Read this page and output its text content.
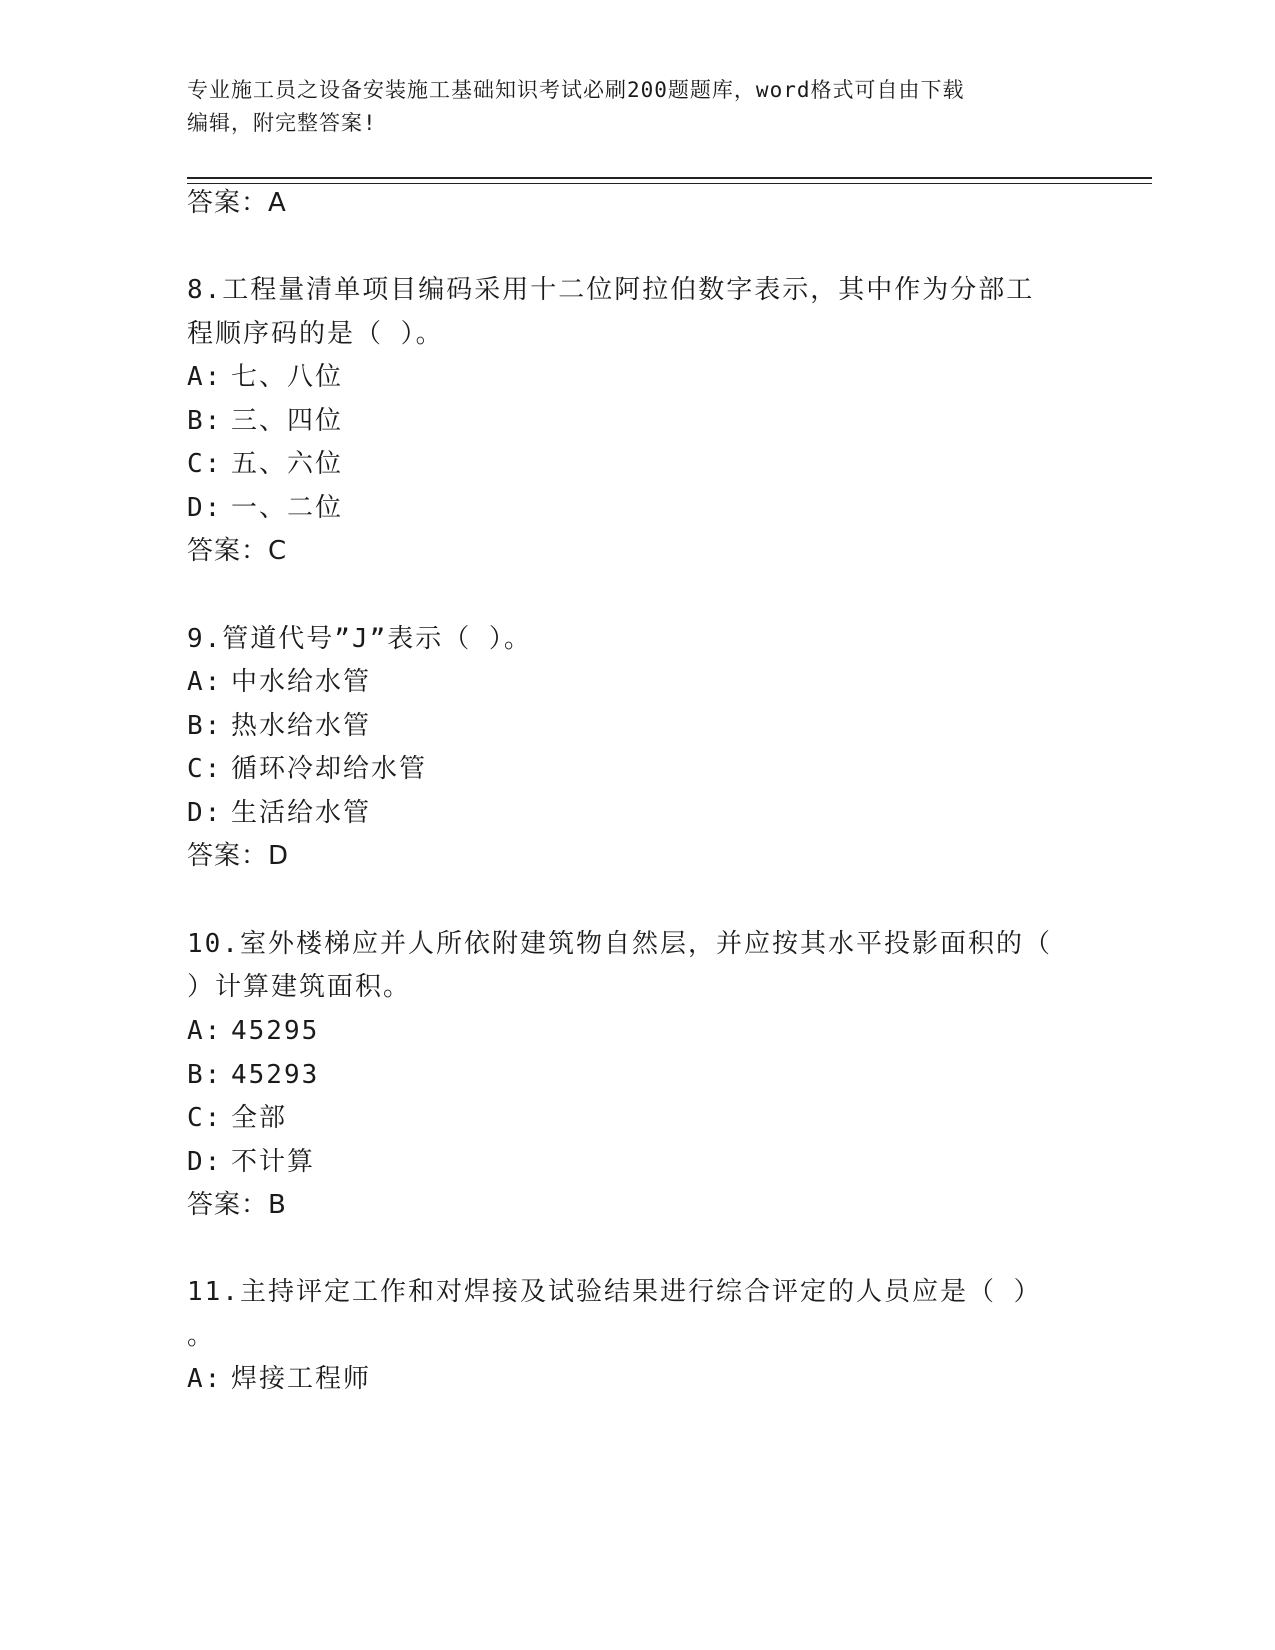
专业施工员之设备安装施工基础知识考试必刷200题题库，word格式可自由下载
编辑，附完整答案!
答案：A
8.工程量清单项目编码采用十二位阿拉伯数字表示，其中作为分部工
程顺序码的是（ ）。
A: 七、八位
B: 三、四位
C: 五、六位
D: 一、二位
答案：C
9.管道代号”J”表示（ ）。
A: 中水给水管
B: 热水给水管
C: 循环冷却给水管
D: 生活给水管
答案：D
10.室外楼梯应并人所依附建筑物自然层，并应按其水平投影面积的（
）计算建筑面积。
A: 45295
B: 45293
C: 全部
D: 不计算
答案：B
11.主持评定工作和对焊接及试验结果进行综合评定的人员应是（ ）
。
A: 焊接工程师
